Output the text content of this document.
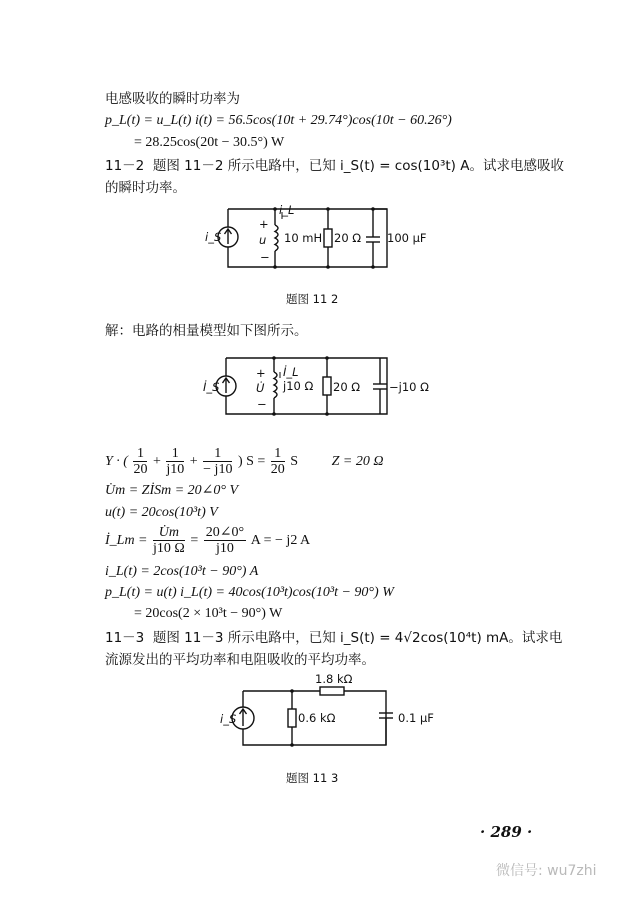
电感吸收的瞬时功率为
p_L(t) = u_L(t) i(t) = 56.5cos(10t + 29.74°)cos(10t − 60.26°)
= 28.25cos(20t − 30.5°) W
11－2 题图 11－2 所示电路中，已知 i_S(t) = cos(10³t) A。试求电感吸收
的瞬时功率。
解：电路的相量模型如下图所示。
Y · ( $\frac{1}{20} + \frac{1}{j10} + \frac{1}{- j10}$ ) $S = \frac{1}{20}$ S Z = 20 Ω
U̇m = ZİSm = 20∠0° V
u(t) = 20cos(10³t) V
İ_Lm = $\frac{U̇m}{j10 \Omega} = \frac{20\angle 0^\circ}{j10}$ A = − j2 A
i_L(t) = 2cos(10³t − 90°) A
p_L(t) = u(t) i_L(t) = 40cos(10³t)cos(10³t − 90°) W
= 20cos(2 × 10³t − 90°) W
11－3 题图 11－3 所示电路中，已知 i_S(t) = 4√2cos(10⁴t) mA。试求电
流源发出的平均功率和电阻吸收的平均功率。
i_S
+
u
−
i_L
10 mH 20 Ω 100 μF
题图 11 2
İ_S
+
U̇
−
İ_L
j10 Ω 20 Ω	−j10 Ω
i_S
1.8 kΩ
0.6 kΩ	0.1 μF
题图 11 3
· 289 ·
微信号: wu7zhi
